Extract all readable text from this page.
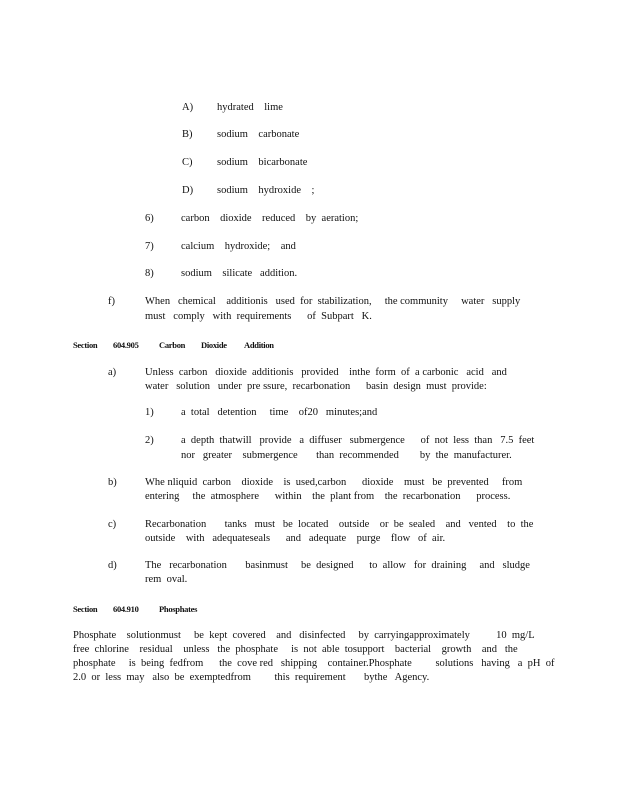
A) hydrated    lime
B) sodium    carbonate
C) sodium    bicarbonate
D) sodium    hydroxide    ;
6)	carbon    dioxide    reduced    by  aeration;
7)	calcium    hydroxide;    and
8)	sodium    silicate   addition.
f)	When   chemical    additionis   used  for  stabilization,     the community     water   supply
must   comply   with  requirements      of  Subpart   K.
Section 604.905 Carbon Dioxide Addition
a)	Unless  carbon   dioxide  additionis   provided    inthe  form  of  a carbonic   acid   and
water   solution   under  pre ssure,  recarbonation      basin  design  must  provide:
1)	a  total   detention     time    of20   minutes;and
2)	a  depth  thatwill   provide   a  diffuser   submergence      of  not  less  than   7.5  feet
nor   greater    submergence       than  recommended        by  the  manufacturer.
b)	Whe nliquid  carbon    dioxide    is  used,carbon      dioxide    must   be  prevented     from
entering     the  atmosphere      within    the  plant from    the  recarbonation      process.
c)	Recarbonation       tanks   must   be  located    outside    or  be  sealed    and   vented    to  the
outside    with   adequateseals      and   adequate    purge    flow   of  air.
d)	The   recarbonation       basinmust     be  designed      to  allow   for  draining     and   sludge
rem  oval.
Section 604.910 Phosphates
Phosphate    solutionmust     be  kept  covered    and   disinfected     by  carryingapproximately          10  mg/L
free  chlorine    residual    unless   the  phosphate     is  not  able  tosupport    bacterial    growth    and   the
phosphate     is  being  fedfrom      the  cove red   shipping    container.Phosphate         solutions   having   a  pH  of
2.0  or  less  may   also  be  exemptedfrom         this  requirement       bythe   Agency.
